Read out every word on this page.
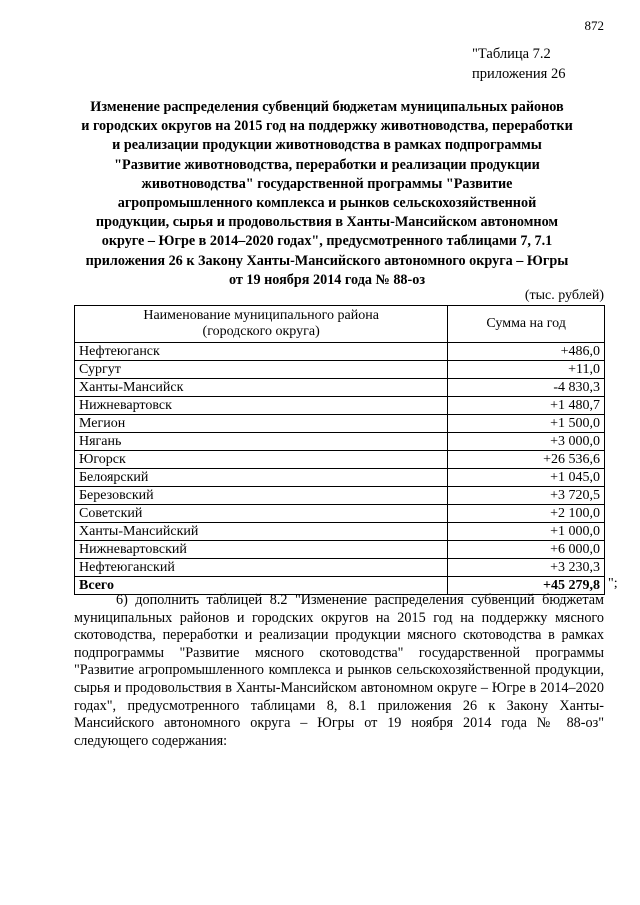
872
"Таблица 7.2
приложения 26
Изменение распределения субвенций бюджетам муниципальных районов
и городских округов на 2015 год на поддержку животноводства, переработки
и реализации продукции животноводства в рамках подпрограммы
"Развитие животноводства, переработки и реализации продукции
животноводства" государственной программы "Развитие
агропромышленного комплекса и рынков сельскохозяйственной
продукции, сырья и продовольствия в Ханты-Мансийском автономном
округе – Югре в 2014–2020 годах", предусмотренного таблицами 7, 7.1
приложения 26 к Закону Ханты-Мансийского автономного округа – Югры
от 19 ноября 2014 года № 88-оз
(тыс. рублей)
Наименование муниципального района
(городского округа)	Сумма на год
Нефтеюганск	+486,0
Сургут	+11,0
Ханты-Мансийск	-4 830,3
Нижневартовск	+1 480,7
Мегион	+1 500,0
Нягань	+3 000,0
Югорск	+26 536,6
Белоярский	+1 045,0
Березовский	+3 720,5
Советский	+2 100,0
Ханты-Мансийский	+1 000,0
Нижневартовский	+6 000,0
Нефтеюганский	+3 230,3
Всего	+45 279,8 ";
6) дополнить таблицей 8.2 "Изменение распределения субвенций бюджетам муниципальных районов и городских округов на 2015 год на поддержку мясного скотоводства, переработки и реализации продукции мясного скотоводства в рамках подпрограммы "Развитие мясного скотоводства" государственной программы "Развитие агропромышленного комплекса и рынков сельскохозяйственной продукции, сырья и продовольствия в Ханты-Мансийском автономном округе – Югре в 2014–2020 годах", предусмотренного таблицами 8, 8.1 приложения 26 к Закону Ханты-Мансийского автономного округа – Югры от 19 ноября 2014 года № 88-оз" следующего содержания:
